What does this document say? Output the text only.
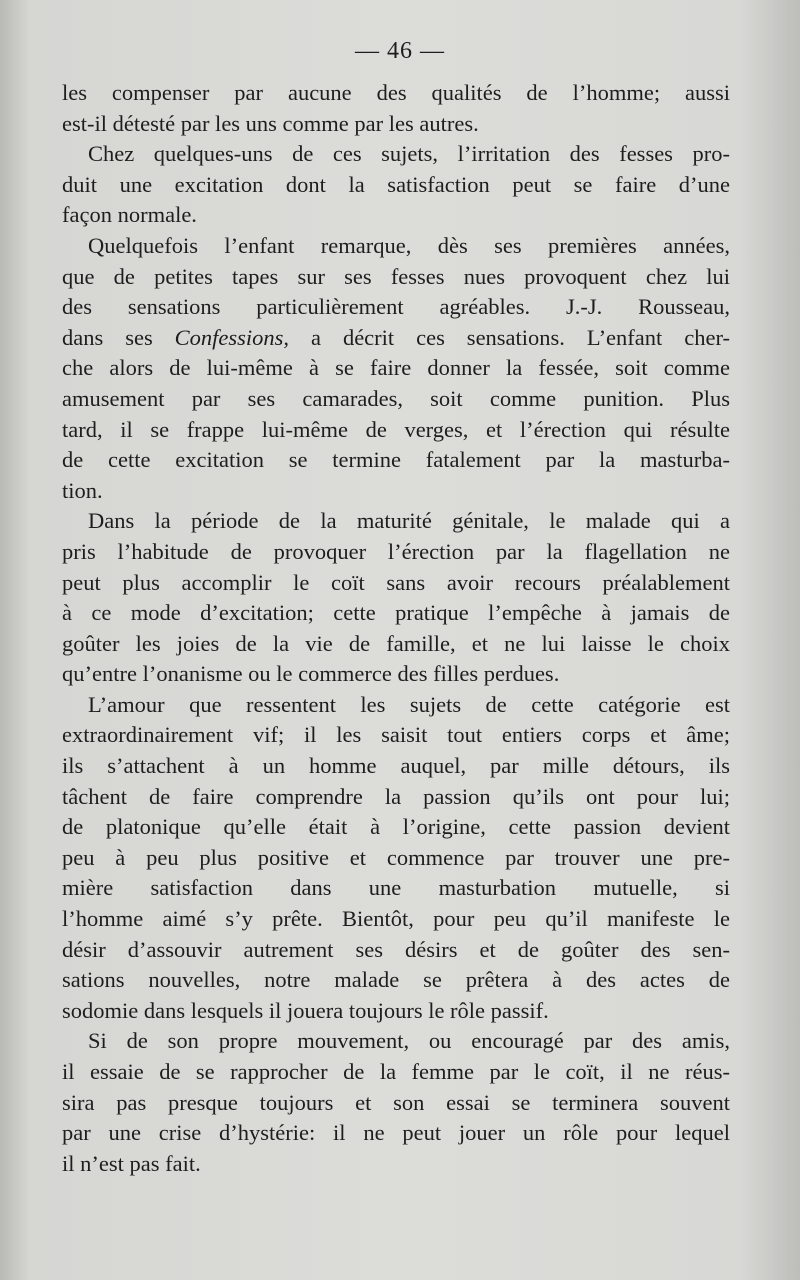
— 46 —
les compenser par aucune des qualités de l’homme; aussi
est-il détesté par les uns comme par les autres.
Chez quelques-uns de ces sujets, l’irritation des fesses pro-
duit une excitation dont la satisfaction peut se faire d’une
façon normale.
Quelquefois l’enfant remarque, dès ses premières années,
que de petites tapes sur ses fesses nues provoquent chez lui
des sensations particulièrement agréables. J.-J. Rousseau,
dans ses Confessions, a décrit ces sensations. L’enfant cher-
che alors de lui-même à se faire donner la fessée, soit comme
amusement par ses camarades, soit comme punition. Plus
tard, il se frappe lui-même de verges, et l’érection qui résulte
de cette excitation se termine fatalement par la masturba-
tion.
Dans la période de la maturité génitale, le malade qui a
pris l’habitude de provoquer l’érection par la flagellation ne
peut plus accomplir le coït sans avoir recours préalablement
à ce mode d’excitation; cette pratique l’empêche à jamais de
goûter les joies de la vie de famille, et ne lui laisse le choix
qu’entre l’onanisme ou le commerce des filles perdues.
L’amour que ressentent les sujets de cette catégorie est
extraordinairement vif; il les saisit tout entiers corps et âme;
ils s’attachent à un homme auquel, par mille détours, ils
tâchent de faire comprendre la passion qu’ils ont pour lui;
de platonique qu’elle était à l’origine, cette passion devient
peu à peu plus positive et commence par trouver une pre-
mière satisfaction dans une masturbation mutuelle, si
l’homme aimé s’y prête. Bientôt, pour peu qu’il manifeste le
désir d’assouvir autrement ses désirs et de goûter des sen-
sations nouvelles, notre malade se prêtera à des actes de
sodomie dans lesquels il jouera toujours le rôle passif.
Si de son propre mouvement, ou encouragé par des amis,
il essaie de se rapprocher de la femme par le coït, il ne réus-
sira pas presque toujours et son essai se terminera souvent
par une crise d’hystérie: il ne peut jouer un rôle pour lequel
il n’est pas fait.
